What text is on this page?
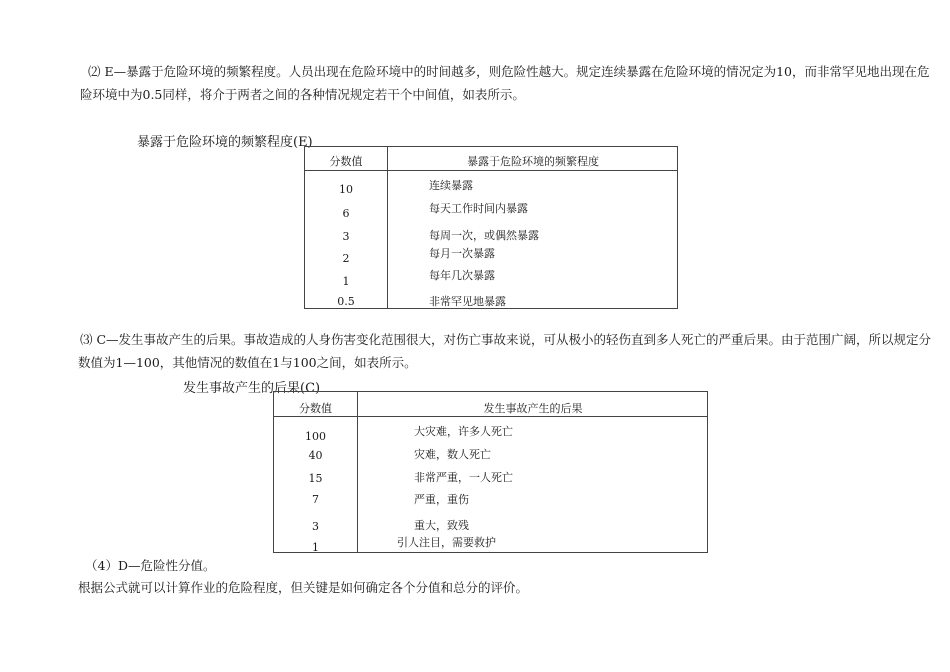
⑵ E—暴露于危险环境的频繁程度。人员出现在危险环境中的时间越多，则危险性越大。规定连续暴露在危险环境的情况定为10，而非常罕见地出现在危险环境中为0.5同样，将介于两者之间的各种情况规定若干个中间值，如表所示。

暴露于危险环境的频繁程度(E)

分数值	暴露于危险环境的频繁程度
10	连续暴露
6	每天工作时间内暴露
3	每周一次，或偶然暴露
2	每月一次暴露
1	每年几次暴露
0.5	非常罕见地暴露

⑶ C—发生事故产生的后果。事故造成的人身伤害变化范围很大，对伤亡事故来说，可从极小的轻伤直到多人死亡的严重后果。由于范围广阔，所以规定分数值为1—100，其他情况的数值在1与100之间，如表所示。

发生事故产生的后果(C)

分数值	发生事故产生的后果
100	大灾难，许多人死亡
40	灾难，数人死亡
15	非常严重，一人死亡
7	严重，重伤
3	重大，致残
1	引人注目，需要救护

（4）D—危险性分值。

根据公式就可以计算作业的危险程度，但关键是如何确定各个分值和总分的评价。
